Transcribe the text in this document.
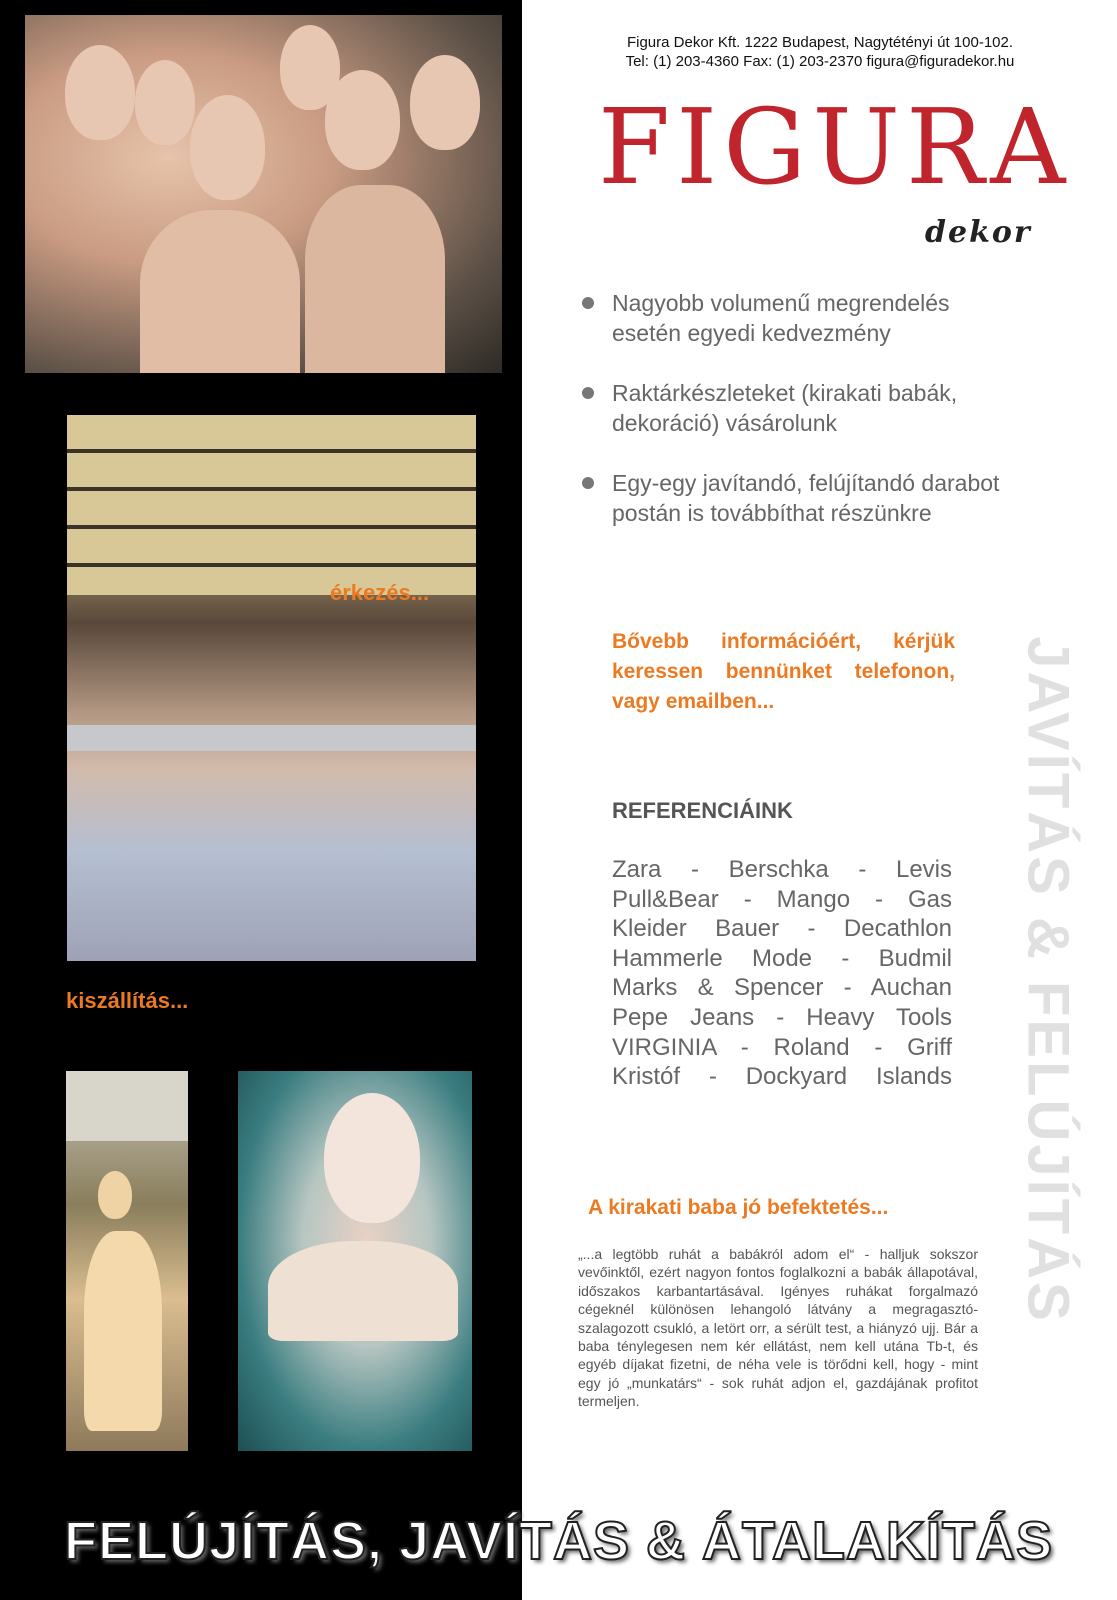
érkezés...
kiszállítás...
Figura Dekor Kft. 1222 Budapest, Nagytétényi út 100-102.
Tel: (1) 203-4360 Fax: (1) 203-2370 figura@figuradekor.hu
FIGURA
dekor
Nagyobb volumenű megrendelés esetén egyedi kedvezmény
Raktárkészleteket (kirakati babák, dekoráció) vásárolunk
Egy-egy javítandó, felújítandó darabot postán is továbbíthat részünkre
Bővebb információért, kérjük keressen bennünket telefonon, vagy emailben...
REFERENCIÁINK
Zara - Berschka - Levis
Pull&Bear - Mango - Gas
Kleider Bauer - Decathlon
Hammerle Mode - Budmil
Marks & Spencer - Auchan
Pepe Jeans - Heavy Tools
VIRGINIA - Roland - Griff
Kristóf - Dockyard Islands
A kirakati baba jó befektetés...
„...a legtöbb ruhát a babákról adom el“ - halljuk sokszor vevőinktől, ezért nagyon fontos foglalkozni a babák állapotával, időszakos karbantartásával. Igényes ruhákat forgalmazó cégeknél különösen lehangoló látvány a megragasztó-szalagozott csukló, a letört orr, a sérült test, a hiányzó ujj. Bár a baba ténylegesen nem kér ellátást, nem kell utána Tb-t, és egyéb díjakat fizetni, de néha vele is törődni kell, hogy - mint egy jó „munkatárs“ - sok ruhát adjon el, gazdájának profitot termeljen.
JAVÍTÁS & FELÚJÍTÁS
FELÚJÍTÁS, JAVÍTÁS & ÁTALAKÍTÁS
